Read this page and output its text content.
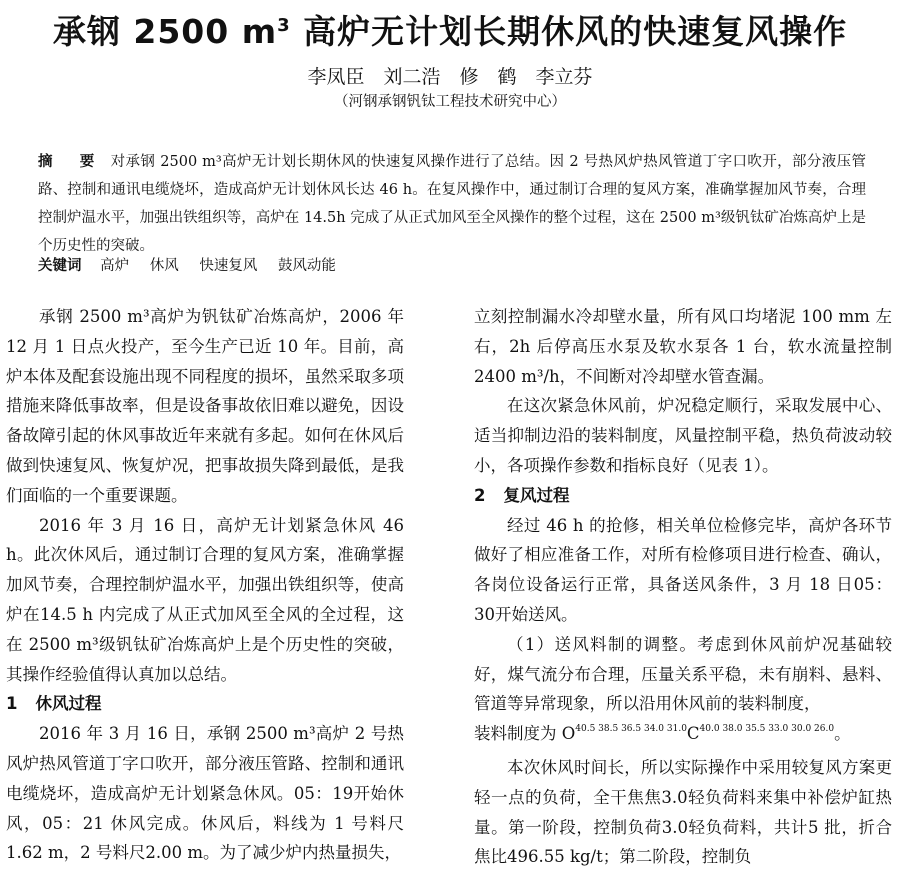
承钢 2500 $m^3$ 高炉无计划长期休风的快速复风操作
李凤臣　刘二浩　修　鹤　李立芬
（河钢承钢钒钛工程技术研究中心）
摘　要 对承钢 2500 m³高炉无计划长期休风的快速复风操作进行了总结。因 2 号热风炉热风管道丁字口吹开，部分液压管路、控制和通讯电缆烧坏，造成高炉无计划休风长达 46 h。在复风操作中，通过制订合理的复风方案，准确掌握加风节奏，合理控制炉温水平，加强出铁组织等，高炉在 14.5h 完成了从正式加风至全风操作的整个过程，这在 2500 m³级钒钛矿冶炼高炉上是个历史性的突破。
关键词 高炉 休风 快速复风 鼓风动能

承钢 2500 m³高炉为钒钛矿冶炼高炉，2006 年 12 月 1 日点火投产，至今生产已近 10 年。目前，高炉本体及配套设施出现不同程度的损坏，虽然采取多项措施来降低事故率，但是设备事故依旧难以避免，因设备故障引起的休风事故近年来就有多起。如何在休风后做到快速复风、恢复炉况，把事故损失降到最低，是我们面临的一个重要课题。

2016 年 3 月 16 日，高炉无计划紧急休风 46 h。此次休风后，通过制订合理的复风方案，准确掌握加风节奏，合理控制炉温水平，加强出铁组织等，使高炉在14.5 h 内完成了从正式加风至全风的全过程，这在 2500 m³级钒钛矿冶炼高炉上是个历史性的突破，其操作经验值得认真加以总结。

1 休风过程

2016 年 3 月 16 日，承钢 2500 m³高炉 2 号热风炉热风管道丁字口吹开，部分液压管路、控制和通讯电缆烧坏，造成高炉无计划紧急休风。05：19开始休风，05：21 休风完成。休风后，料线为 1 号料尺 1.62 m，2 号料尺2.00 m。为了减少炉内热量损失，

立刻控制漏水冷却壁水量，所有风口均堵泥 100 mm 左右，2h 后停高压水泵及软水泵各 1 台，软水流量控制 2400 m³/h，不间断对冷却壁水管查漏。

在这次紧急休风前，炉况稳定顺行，采取发展中心、适当抑制边沿的装料制度，风量控制平稳，热负荷波动较小，各项操作参数和指标良好（见表 1）。

2 复风过程

经过 46 h 的抢修，相关单位检修完毕，高炉各环节做好了相应准备工作，对所有检修项目进行检查、确认，各岗位设备运行正常，具备送风条件，3 月 18 日05：30开始送风。

（1）送风料制的调整。考虑到休风前炉况基础较好，煤气流分布合理，压量关系平稳，未有崩料、悬料、管道等异常现象，所以沿用休风前的装料制度，

装料制度为 $O^{40.5 38.5 36.5 34.0 31.0}C^{40.0 38.0 35.5 33.0 30.0 26.0}$。

本次休风时间长，所以实际操作中采用较复风方案更轻一点的负荷，全干焦焦3.0轻负荷料来集中补偿炉缸热量。第一阶段，控制负荷3.0轻负荷料，共计5 批，折合焦比496.55 kg/t；第二阶段，控制负
